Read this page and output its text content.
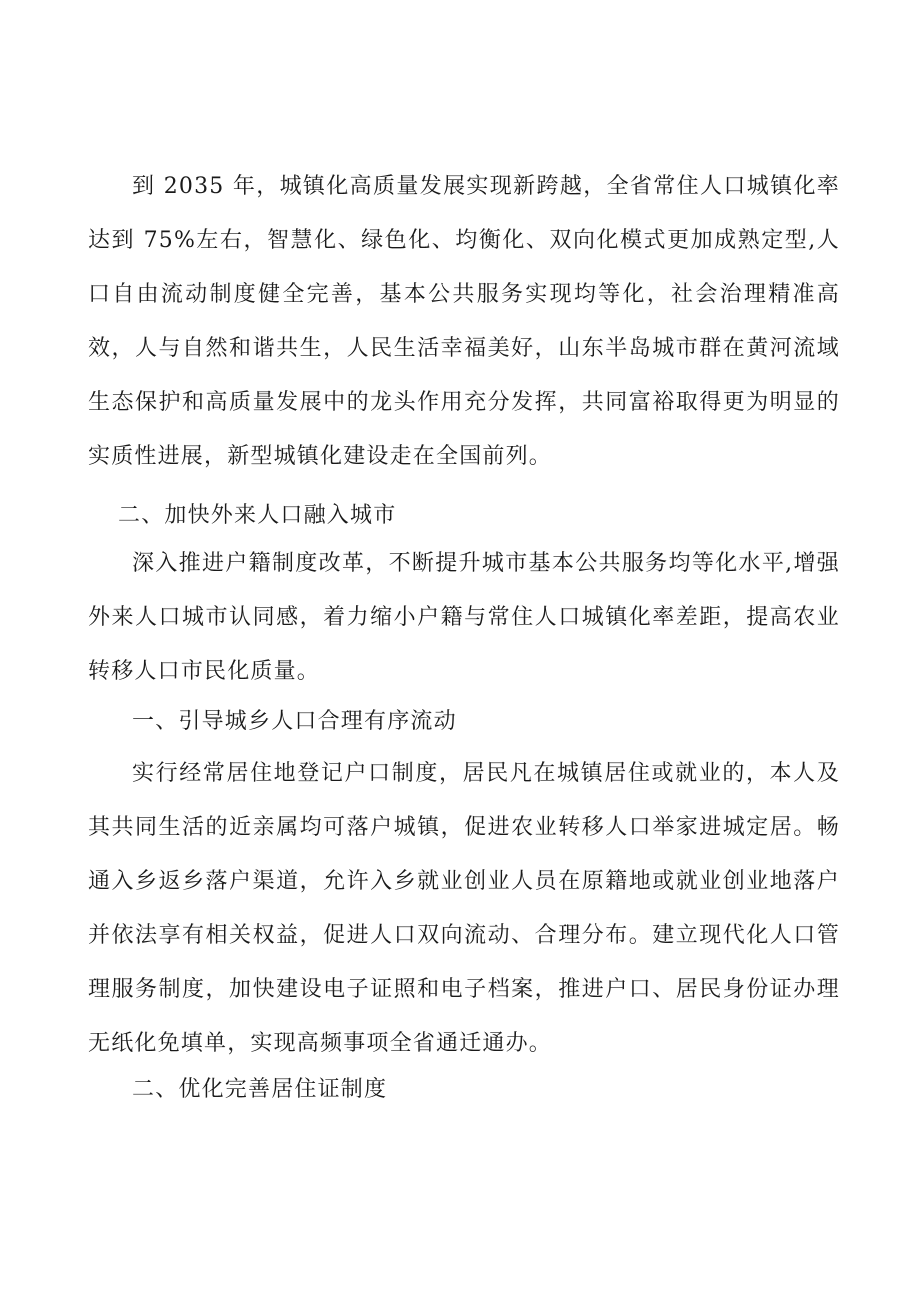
到 2035 年，城镇化高质量发展实现新跨越，全省常住人口城镇化率达到 75%左右，智慧化、绿色化、均衡化、双向化模式更加成熟定型,人口自由流动制度健全完善，基本公共服务实现均等化，社会治理精准高效，人与自然和谐共生，人民生活幸福美好，山东半岛城市群在黄河流域生态保护和高质量发展中的龙头作用充分发挥，共同富裕取得更为明显的实质性进展，新型城镇化建设走在全国前列。

二、加快外来人口融入城市

深入推进户籍制度改革，不断提升城市基本公共服务均等化水平,增强外来人口城市认同感，着力缩小户籍与常住人口城镇化率差距，提高农业转移人口市民化质量。

一、引导城乡人口合理有序流动

实行经常居住地登记户口制度，居民凡在城镇居住或就业的，本人及其共同生活的近亲属均可落户城镇，促进农业转移人口举家进城定居。畅通入乡返乡落户渠道，允许入乡就业创业人员在原籍地或就业创业地落户并依法享有相关权益，促进人口双向流动、合理分布。建立现代化人口管理服务制度，加快建设电子证照和电子档案，推进户口、居民身份证办理无纸化免填单，实现高频事项全省通迁通办。

二、优化完善居住证制度
